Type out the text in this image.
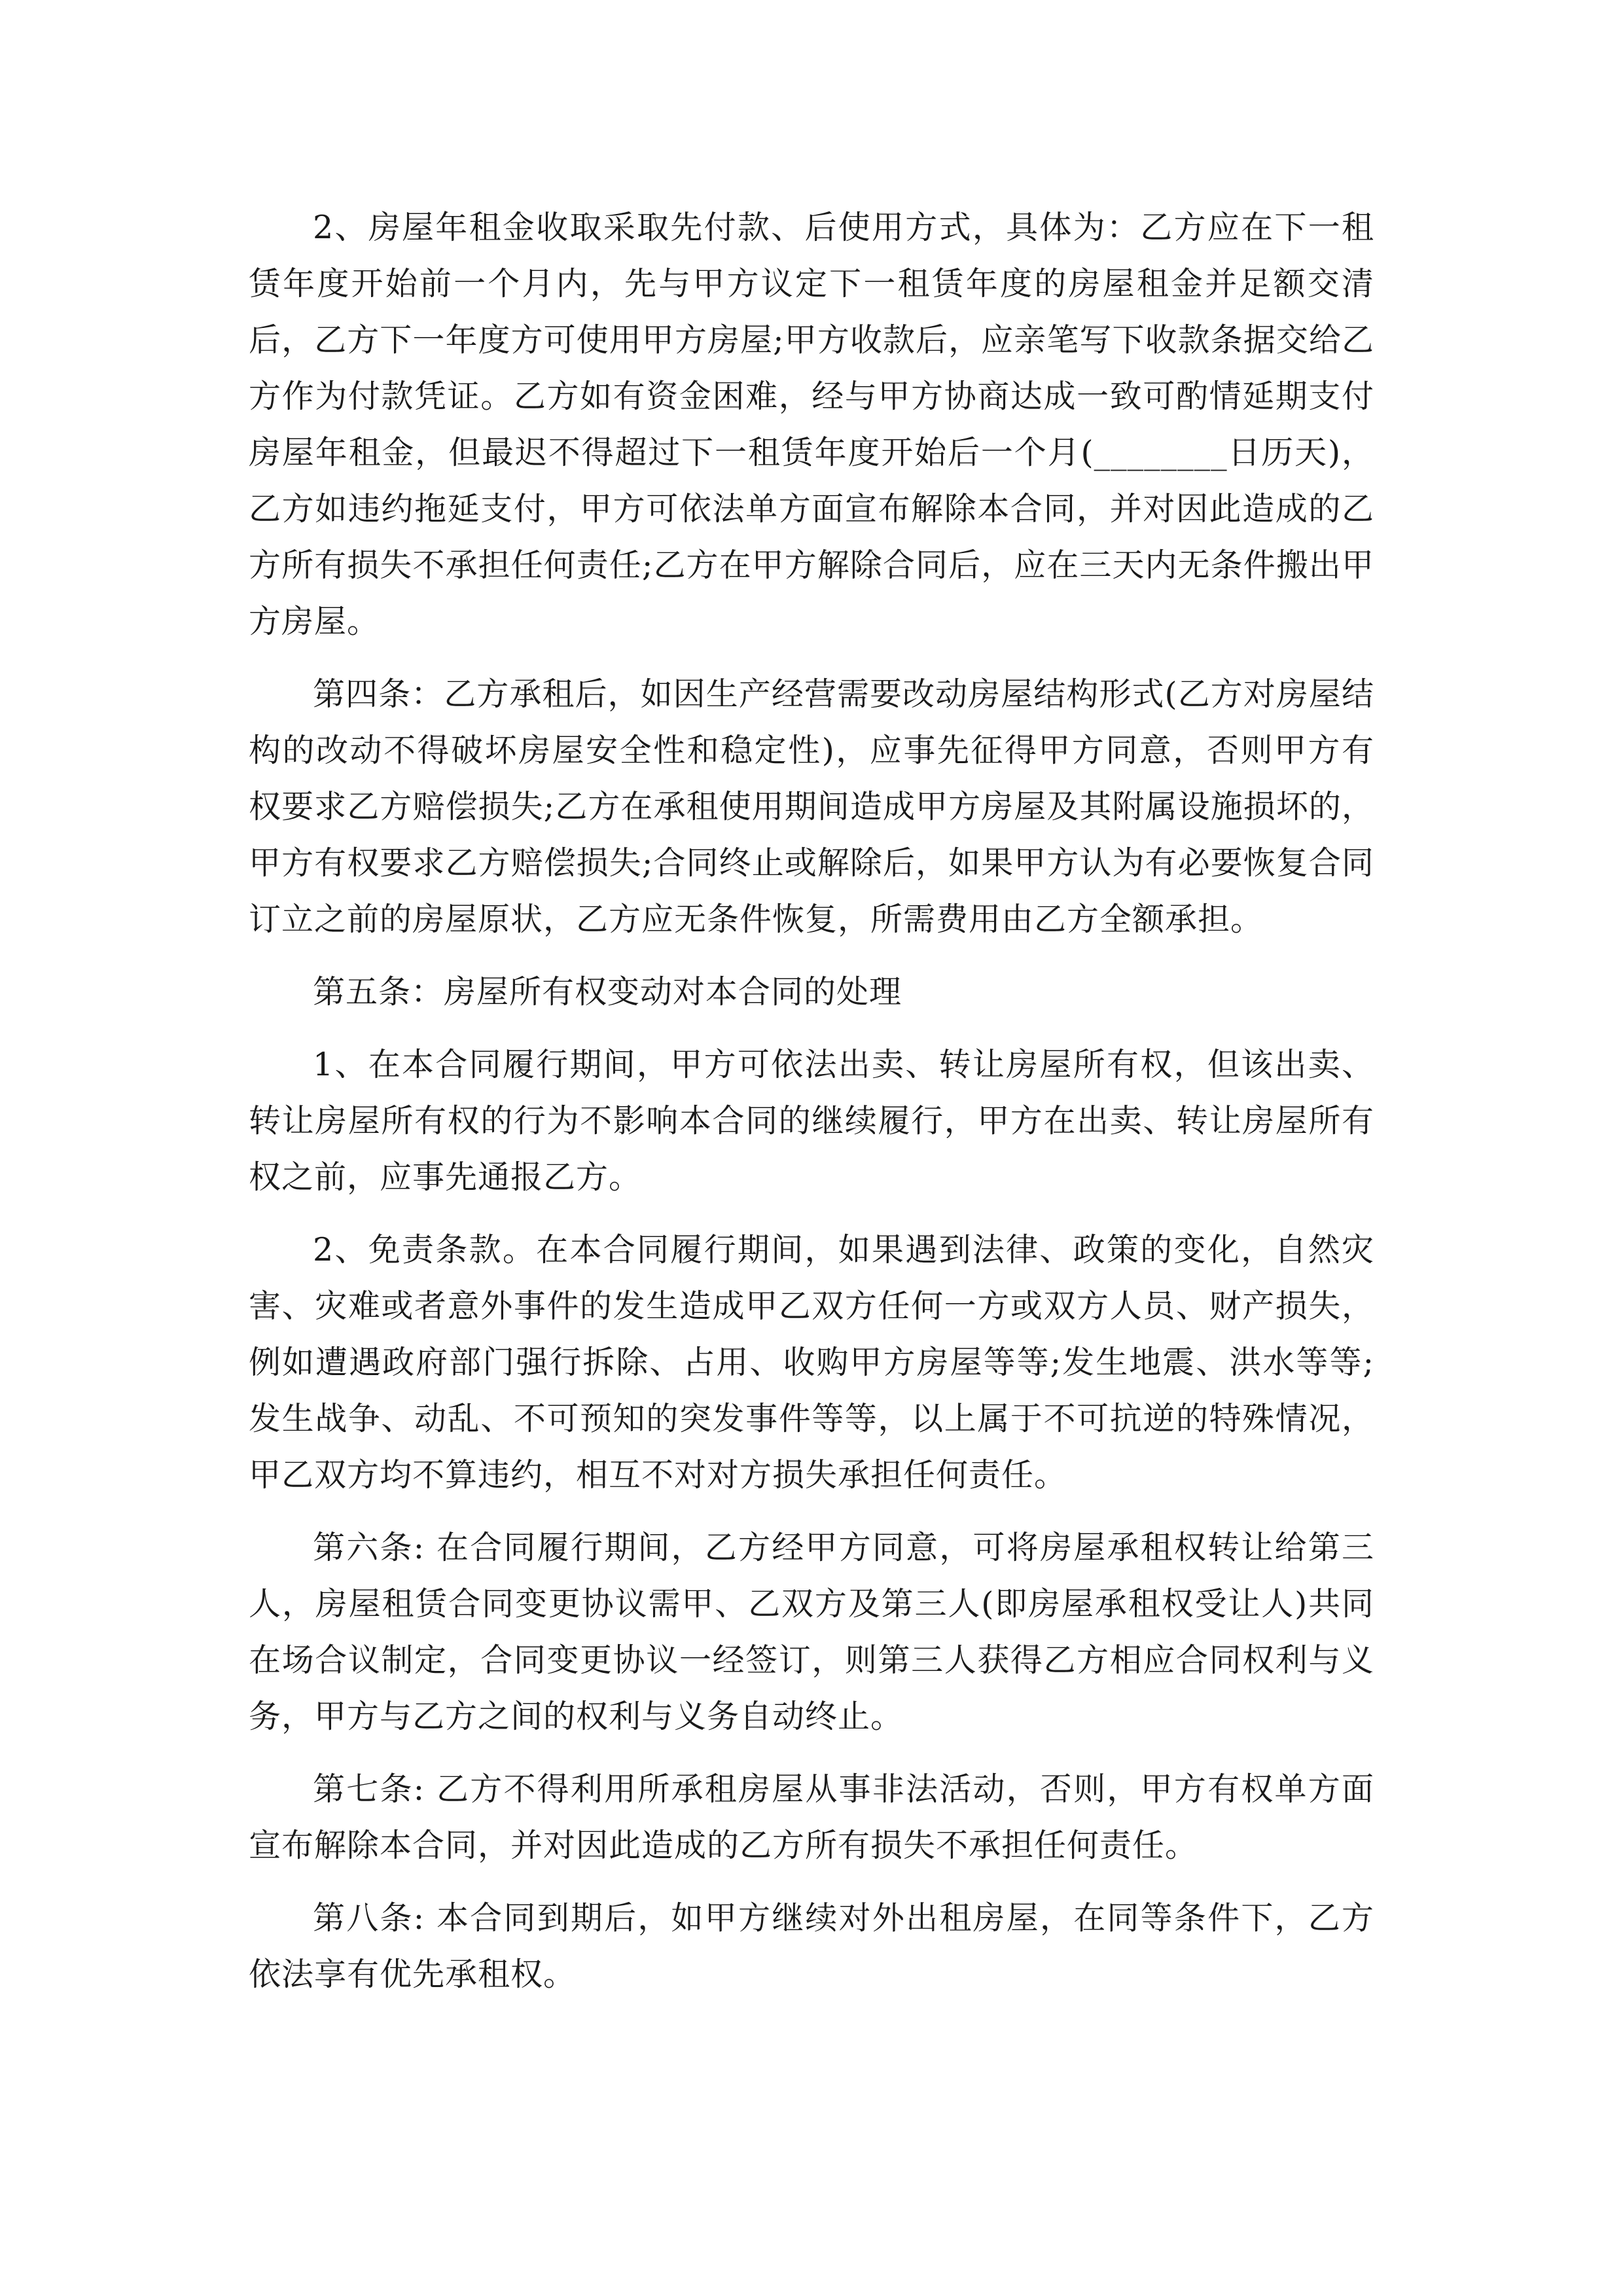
2、房屋年租金收取采取先付款、后使用方式，具体为：乙方应在下一租赁年度开始前一个月内，先与甲方议定下一租赁年度的房屋租金并足额交清后，乙方下一年度方可使用甲方房屋;甲方收款后，应亲笔写下收款条据交给乙方作为付款凭证。乙方如有资金困难，经与甲方协商达成一致可酌情延期支付房屋年租金，但最迟不得超过下一租赁年度开始后一个月(________日历天)，乙方如违约拖延支付，甲方可依法单方面宣布解除本合同，并对因此造成的乙方所有损失不承担任何责任;乙方在甲方解除合同后，应在三天内无条件搬出甲方房屋。

第四条：乙方承租后，如因生产经营需要改动房屋结构形式(乙方对房屋结构的改动不得破坏房屋安全性和稳定性)，应事先征得甲方同意，否则甲方有权要求乙方赔偿损失;乙方在承租使用期间造成甲方房屋及其附属设施损坏的，甲方有权要求乙方赔偿损失;合同终止或解除后，如果甲方认为有必要恢复合同订立之前的房屋原状，乙方应无条件恢复，所需费用由乙方全额承担。

第五条：房屋所有权变动对本合同的处理

1、在本合同履行期间，甲方可依法出卖、转让房屋所有权，但该出卖、转让房屋所有权的行为不影响本合同的继续履行，甲方在出卖、转让房屋所有权之前，应事先通报乙方。

2、免责条款。在本合同履行期间，如果遇到法律、政策的变化，自然灾害、灾难或者意外事件的发生造成甲乙双方任何一方或双方人员、财产损失，例如遭遇政府部门强行拆除、占用、收购甲方房屋等等;发生地震、洪水等等;发生战争、动乱、不可预知的突发事件等等，以上属于不可抗逆的特殊情况，甲乙双方均不算违约，相互不对对方损失承担任何责任。

第六条: 在合同履行期间，乙方经甲方同意，可将房屋承租权转让给第三人，房屋租赁合同变更协议需甲、乙双方及第三人(即房屋承租权受让人)共同在场合议制定，合同变更协议一经签订，则第三人获得乙方相应合同权利与义务，甲方与乙方之间的权利与义务自动终止。

第七条: 乙方不得利用所承租房屋从事非法活动，否则，甲方有权单方面宣布解除本合同，并对因此造成的乙方所有损失不承担任何责任。

第八条: 本合同到期后，如甲方继续对外出租房屋，在同等条件下，乙方依法享有优先承租权。
